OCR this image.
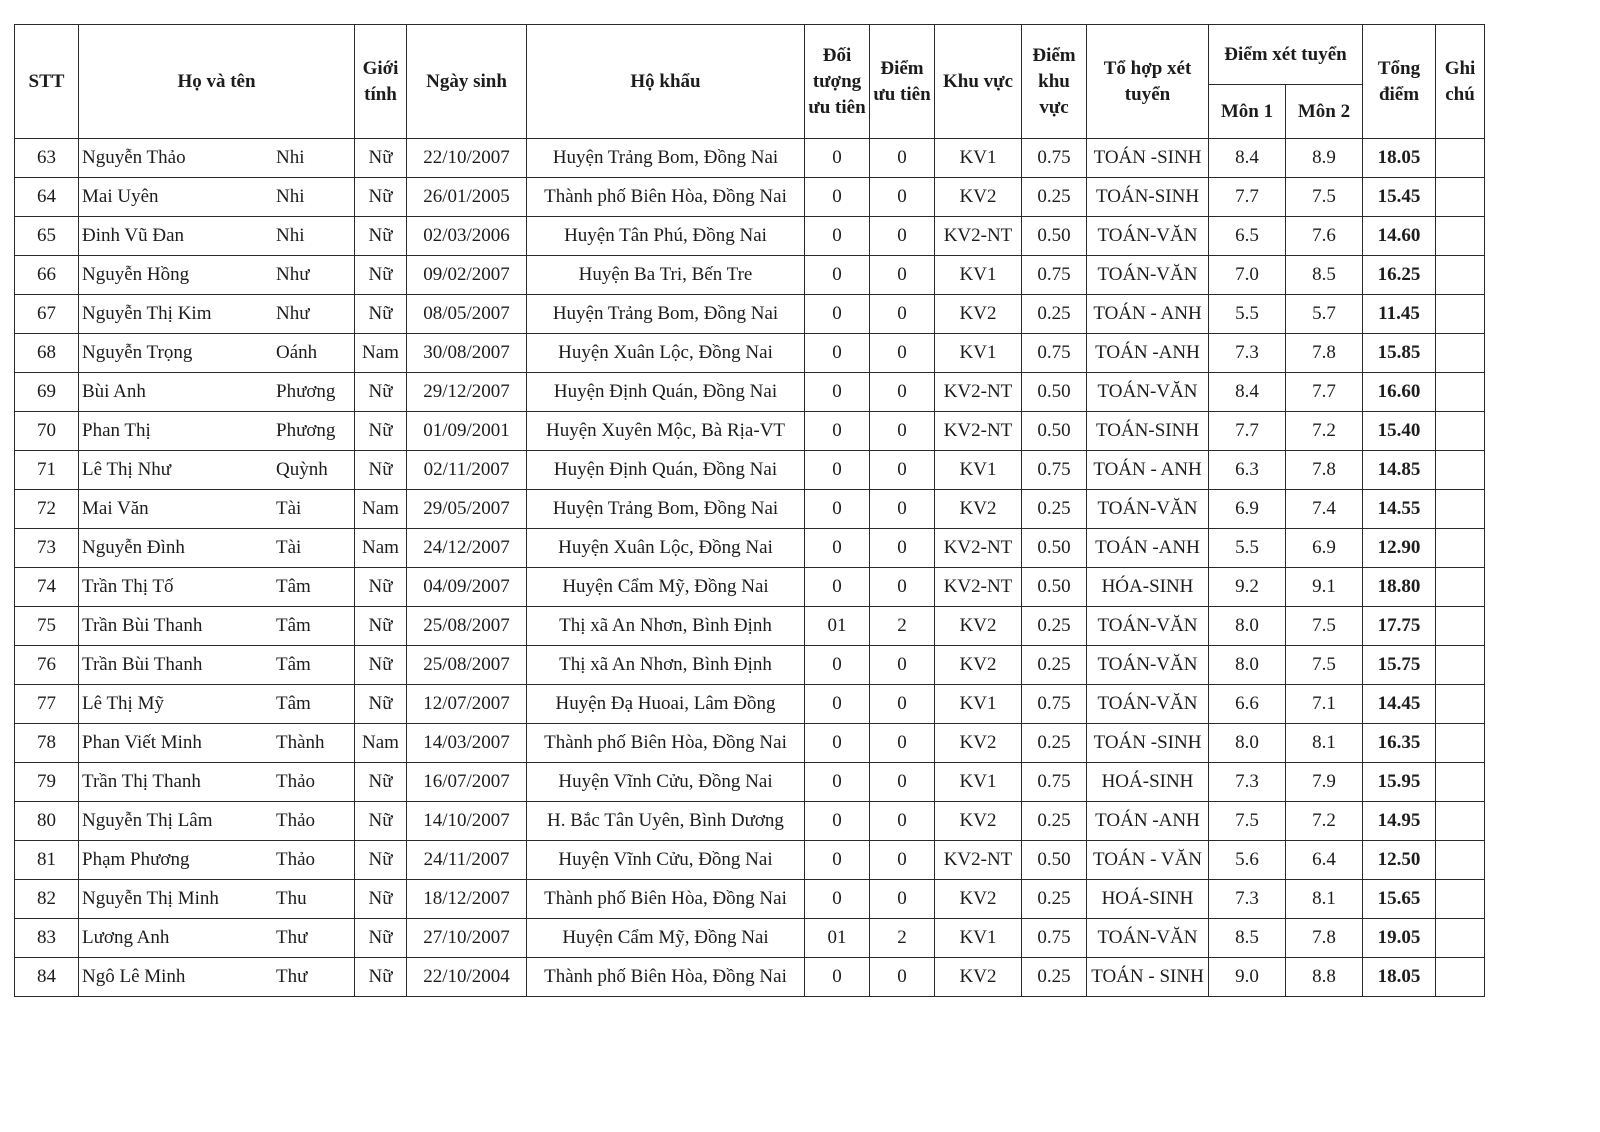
STT	Họ và tên	Giới tính	Ngày sinh	Hộ khẩu	Đối tượng ưu tiên	Điểm ưu tiên	Khu vực	Điểm khu vực	Tổ hợp xét tuyển	Điểm xét tuyển		Tổng điểm	Ghi chú
										Môn 1	Môn 2		
63	Nguyễn Thảo Nhi	Nữ	22/10/2007	Huyện Trảng Bom, Đồng Nai	0	0	KV1	0.75	TOÁN -SINH	8.4	8.9	18.05	
64	Mai Uyên Nhi	Nữ	26/01/2005	Thành phố Biên Hòa, Đồng Nai	0	0	KV2	0.25	TOÁN-SINH	7.7	7.5	15.45	
65	Đinh Vũ Đan Nhi	Nữ	02/03/2006	Huyện Tân Phú, Đồng Nai	0	0	KV2-NT	0.50	TOÁN-VĂN	6.5	7.6	14.60	
66	Nguyễn Hồng Như	Nữ	09/02/2007	Huyện Ba Tri, Bến Tre	0	0	KV1	0.75	TOÁN-VĂN	7.0	8.5	16.25	
67	Nguyễn Thị Kim Như	Nữ	08/05/2007	Huyện Trảng Bom, Đồng Nai	0	0	KV2	0.25	TOÁN - ANH	5.5	5.7	11.45	
68	Nguyễn Trọng Oánh	Nam	30/08/2007	Huyện Xuân Lộc, Đồng Nai	0	0	KV1	0.75	TOÁN -ANH	7.3	7.8	15.85	
69	Bùi Anh Phương	Nữ	29/12/2007	Huyện Định Quán, Đồng Nai	0	0	KV2-NT	0.50	TOÁN-VĂN	8.4	7.7	16.60	
70	Phan Thị Phương	Nữ	01/09/2001	Huyện Xuyên Mộc, Bà Rịa-VT	0	0	KV2-NT	0.50	TOÁN-SINH	7.7	7.2	15.40	
71	Lê Thị Như Quỳnh	Nữ	02/11/2007	Huyện Định Quán, Đồng Nai	0	0	KV1	0.75	TOÁN - ANH	6.3	7.8	14.85	
72	Mai Văn Tài	Nam	29/05/2007	Huyện Trảng Bom, Đồng Nai	0	0	KV2	0.25	TOÁN-VĂN	6.9	7.4	14.55	
73	Nguyễn Đình Tài	Nam	24/12/2007	Huyện Xuân Lộc, Đồng Nai	0	0	KV2-NT	0.50	TOÁN -ANH	5.5	6.9	12.90	
74	Trần Thị Tố Tâm	Nữ	04/09/2007	Huyện Cẩm Mỹ, Đồng Nai	0	0	KV2-NT	0.50	HÓA-SINH	9.2	9.1	18.80	
75	Trần Bùi Thanh Tâm	Nữ	25/08/2007	Thị xã An Nhơn, Bình Định	01	2	KV2	0.25	TOÁN-VĂN	8.0	7.5	17.75	
76	Trần Bùi Thanh Tâm	Nữ	25/08/2007	Thị xã An Nhơn, Bình Định	0	0	KV2	0.25	TOÁN-VĂN	8.0	7.5	15.75	
77	Lê Thị Mỹ Tâm	Nữ	12/07/2007	Huyện Đạ Huoai, Lâm Đồng	0	0	KV1	0.75	TOÁN-VĂN	6.6	7.1	14.45	
78	Phan Viết Minh Thành	Nam	14/03/2007	Thành phố Biên Hòa, Đồng Nai	0	0	KV2	0.25	TOÁN -SINH	8.0	8.1	16.35	
79	Trần Thị Thanh Thảo	Nữ	16/07/2007	Huyện Vĩnh Cửu, Đồng Nai	0	0	KV1	0.75	HOÁ-SINH	7.3	7.9	15.95	
80	Nguyễn Thị Lâm Thảo	Nữ	14/10/2007	H. Bắc Tân Uyên, Bình Dương	0	0	KV2	0.25	TOÁN -ANH	7.5	7.2	14.95	
81	Phạm Phương Thảo	Nữ	24/11/2007	Huyện Vĩnh Cửu, Đồng Nai	0	0	KV2-NT	0.50	TOÁN - VĂN	5.6	6.4	12.50	
82	Nguyễn Thị Minh Thu	Nữ	18/12/2007	Thành phố Biên Hòa, Đồng Nai	0	0	KV2	0.25	HOÁ-SINH	7.3	8.1	15.65	
83	Lương Anh Thư	Nữ	27/10/2007	Huyện Cẩm Mỹ, Đồng Nai	01	2	KV1	0.75	TOÁN-VĂN	8.5	7.8	19.05	
84	Ngô Lê Minh Thư	Nữ	22/10/2004	Thành phố Biên Hòa, Đồng Nai	0	0	KV2	0.25	TOÁN - SINH	9.0	8.8	18.05	
